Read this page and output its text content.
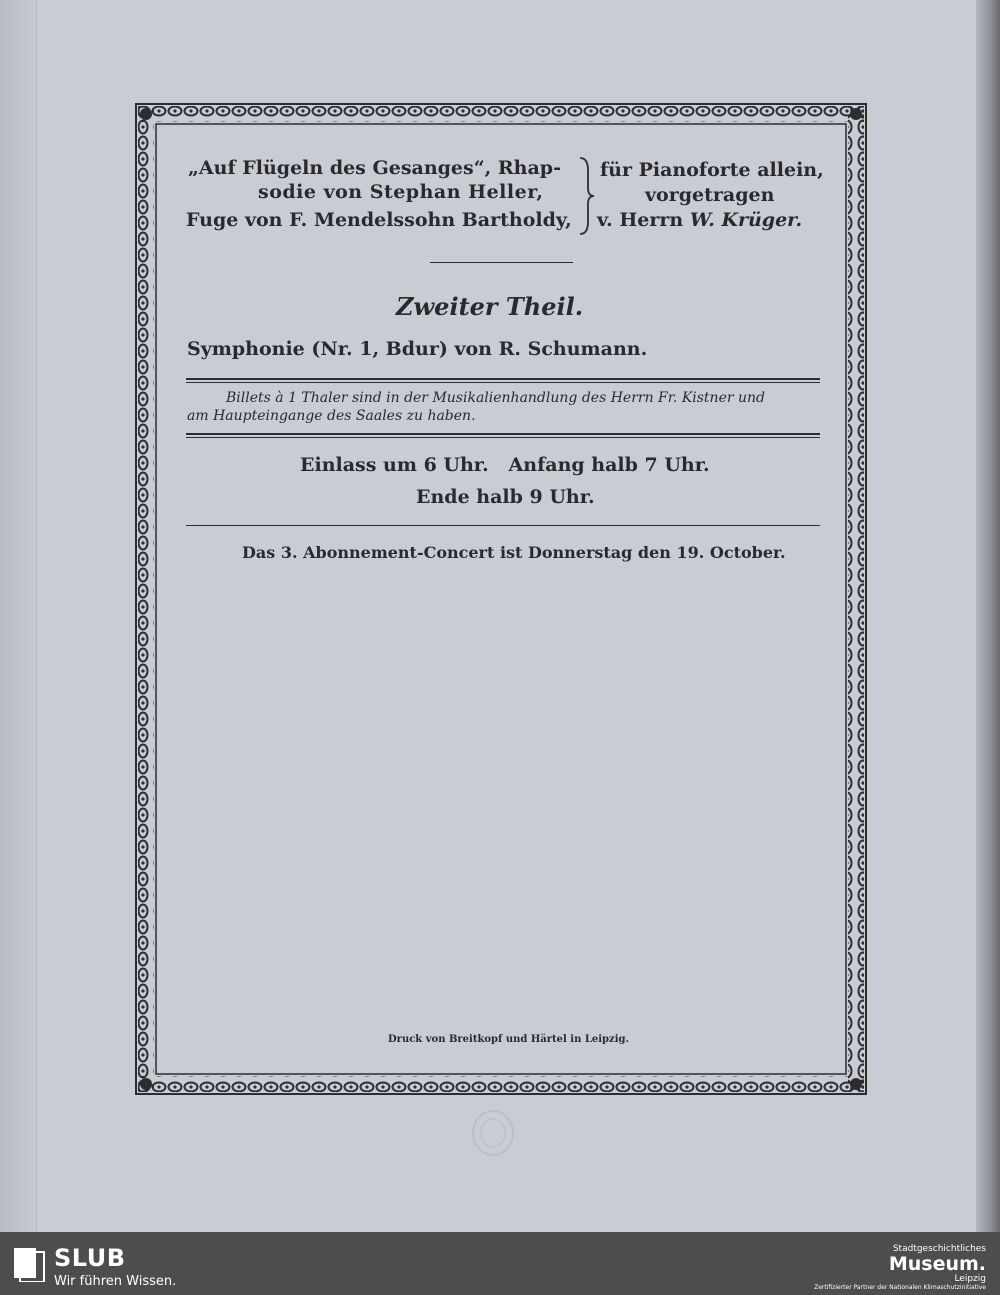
„Auf Flügeln des Gesanges“, Rhap-
sodie von Stephan Heller,
Fuge von F. Mendelssohn Bartholdy,
für Pianoforte allein,
vorgetragen
v. Herrn W. Krüger.
Zweiter Theil.
Symphonie (Nr. 1, Bdur) von R. Schumann.
Billets à 1 Thaler sind in der Musikalienhandlung des Herrn Fr. Kistner und
am Haupteingange des Saales zu haben.
Einlass um 6 Uhr.   Anfang halb 7 Uhr.
Ende halb 9 Uhr.
Das 3. Abonnement-Concert ist Donnerstag den 19. October.
Druck von Breitkopf und Härtel in Leipzig.
SLUB
Wir führen Wissen.
Stadtgeschichtliches
Museum.
Leipzig
Zertifizierter Partner der Nationalen Klimaschutzinitiative
